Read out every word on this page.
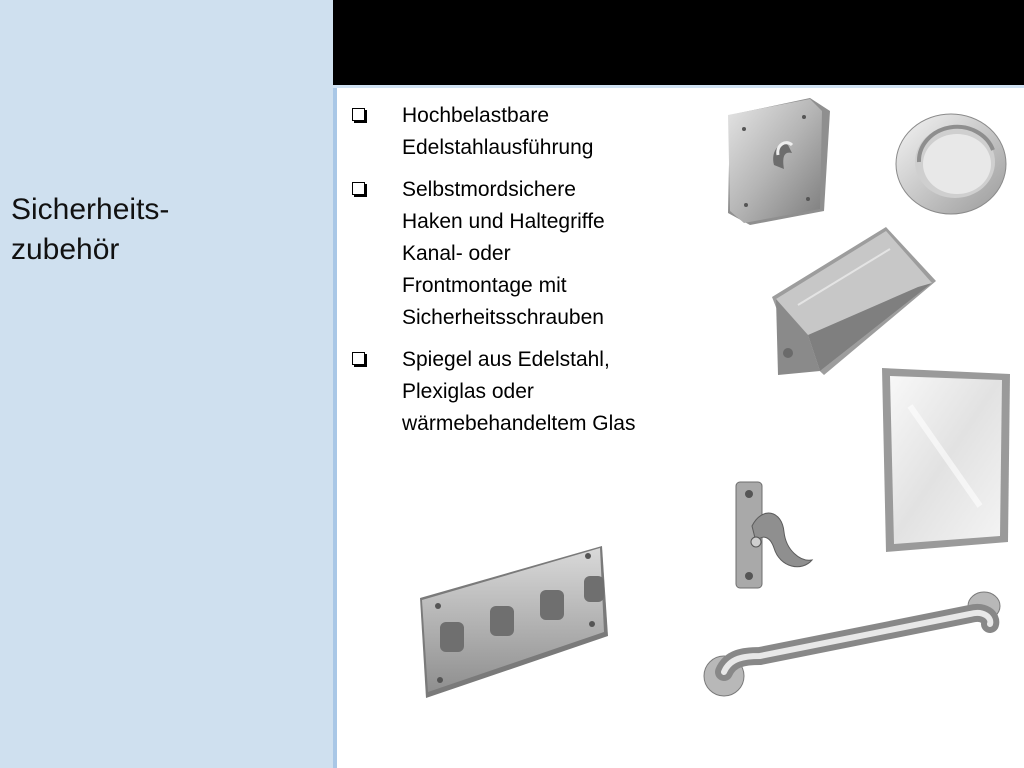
Sicherheits-
zubehör
Hochbelastbare
Edelstahlausführung
Selbstmordsichere
Haken und Haltegriffe
Kanal- oder
Frontmontage mit
Sicherheitsschrauben
Spiegel aus Edelstahl,
Plexiglas oder
wärmebehandeltem Glas
